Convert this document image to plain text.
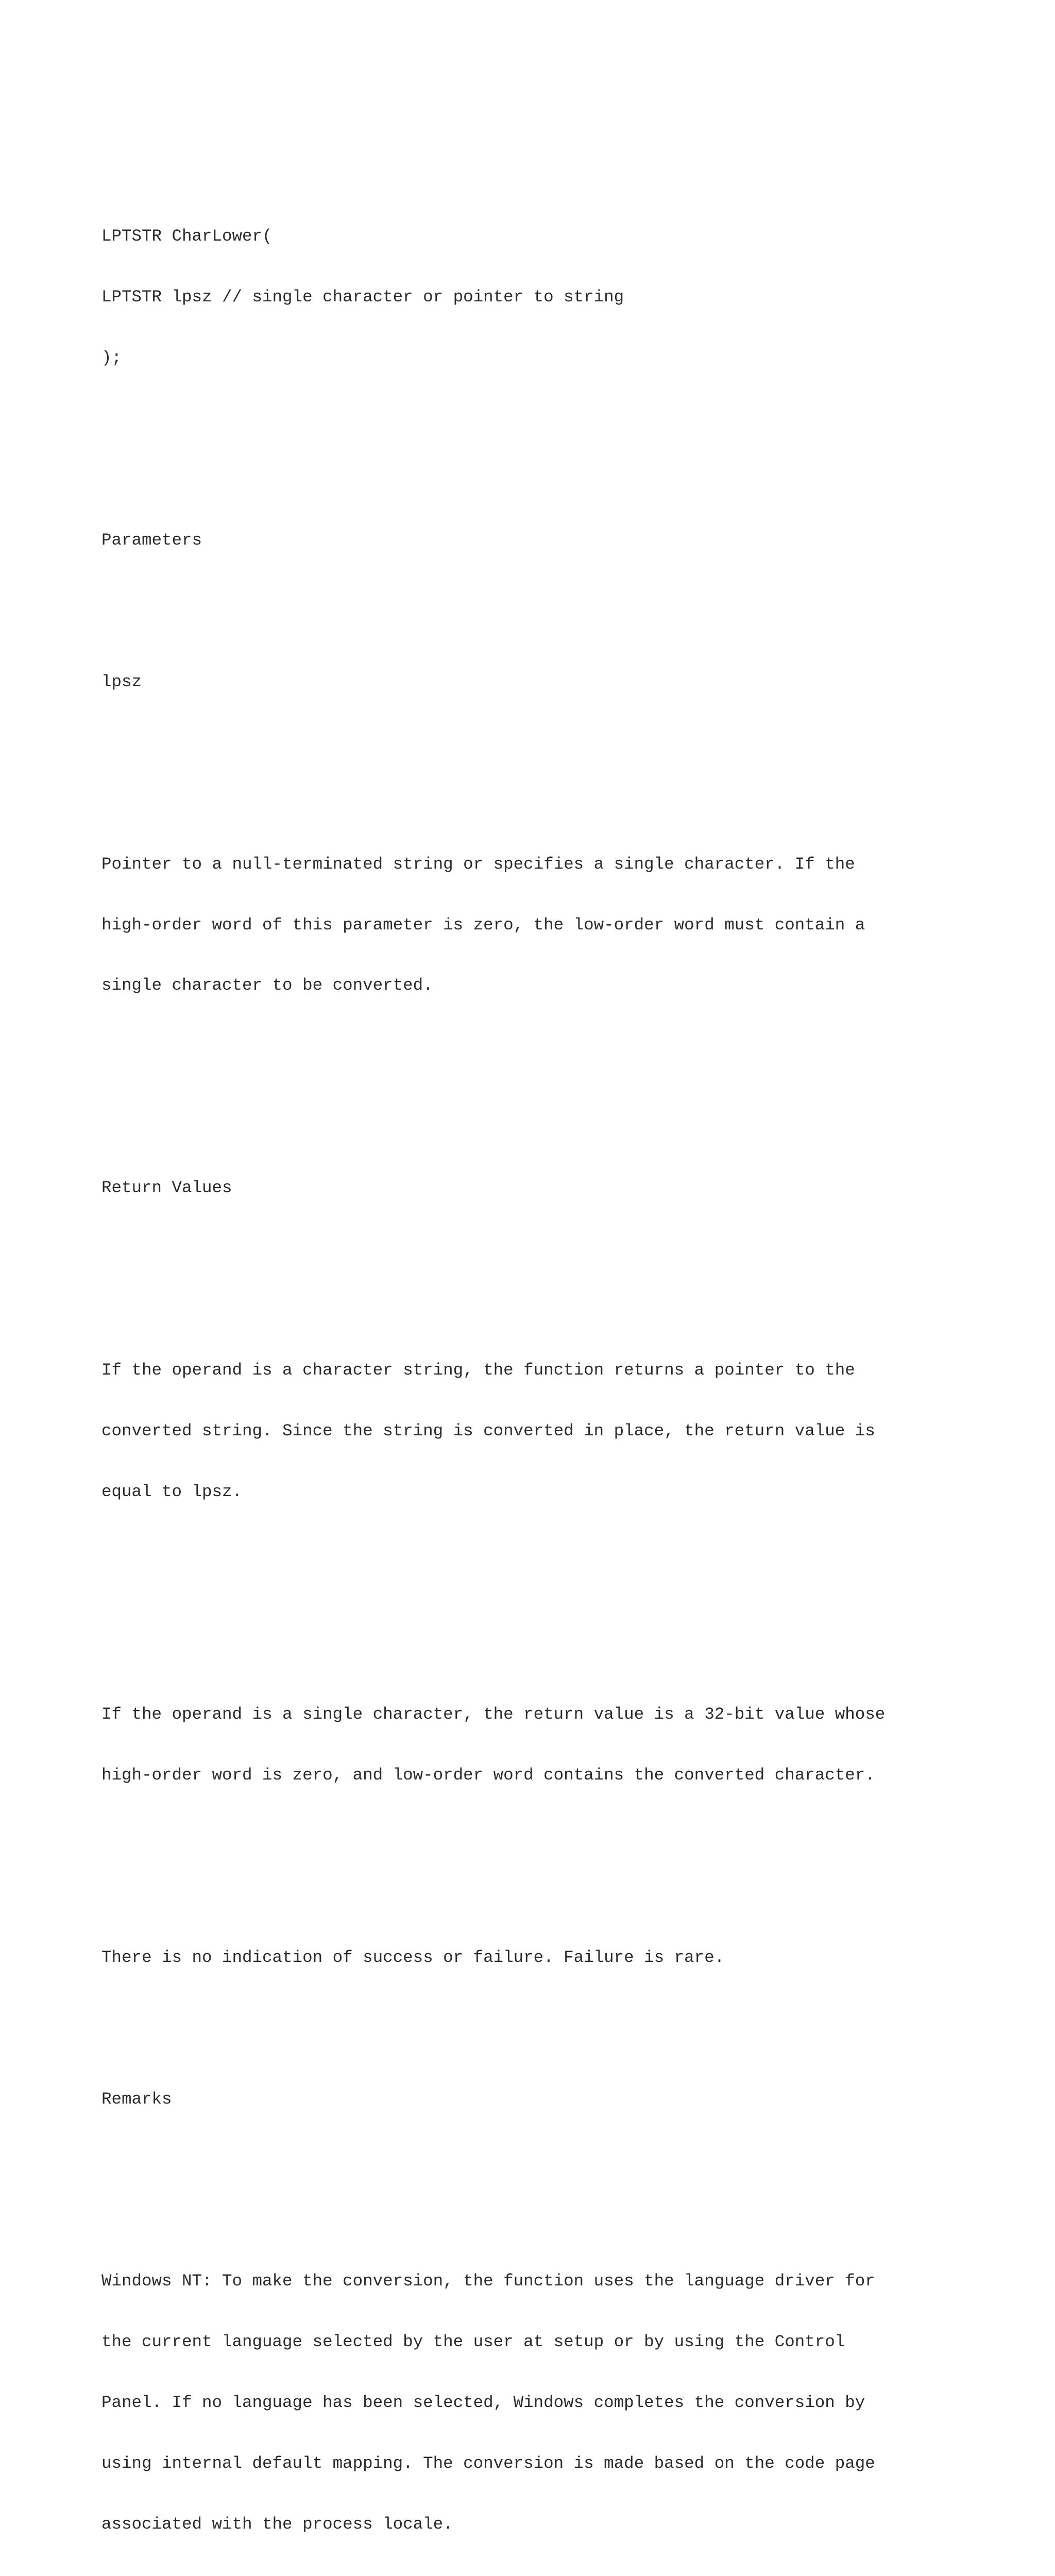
LPTSTR CharLower(

LPTSTR lpsz // single character or pointer to string

);

Parameters

lpsz

Pointer to a null-terminated string or specifies a single character. If the

high-order word of this parameter is zero, the low-order word must contain a

single character to be converted.

Return Values

If the operand is a character string, the function returns a pointer to the

converted string. Since the string is converted in place, the return value is

equal to lpsz.

If the operand is a single character, the return value is a 32-bit value whose

high-order word is zero, and low-order word contains the converted character.

There is no indication of success or failure. Failure is rare.

Remarks

Windows NT: To make the conversion, the function uses the language driver for

the current language selected by the user at setup or by using the Control

Panel. If no language has been selected, Windows completes the conversion by

using internal default mapping. The conversion is made based on the code page

associated with the process locale.
